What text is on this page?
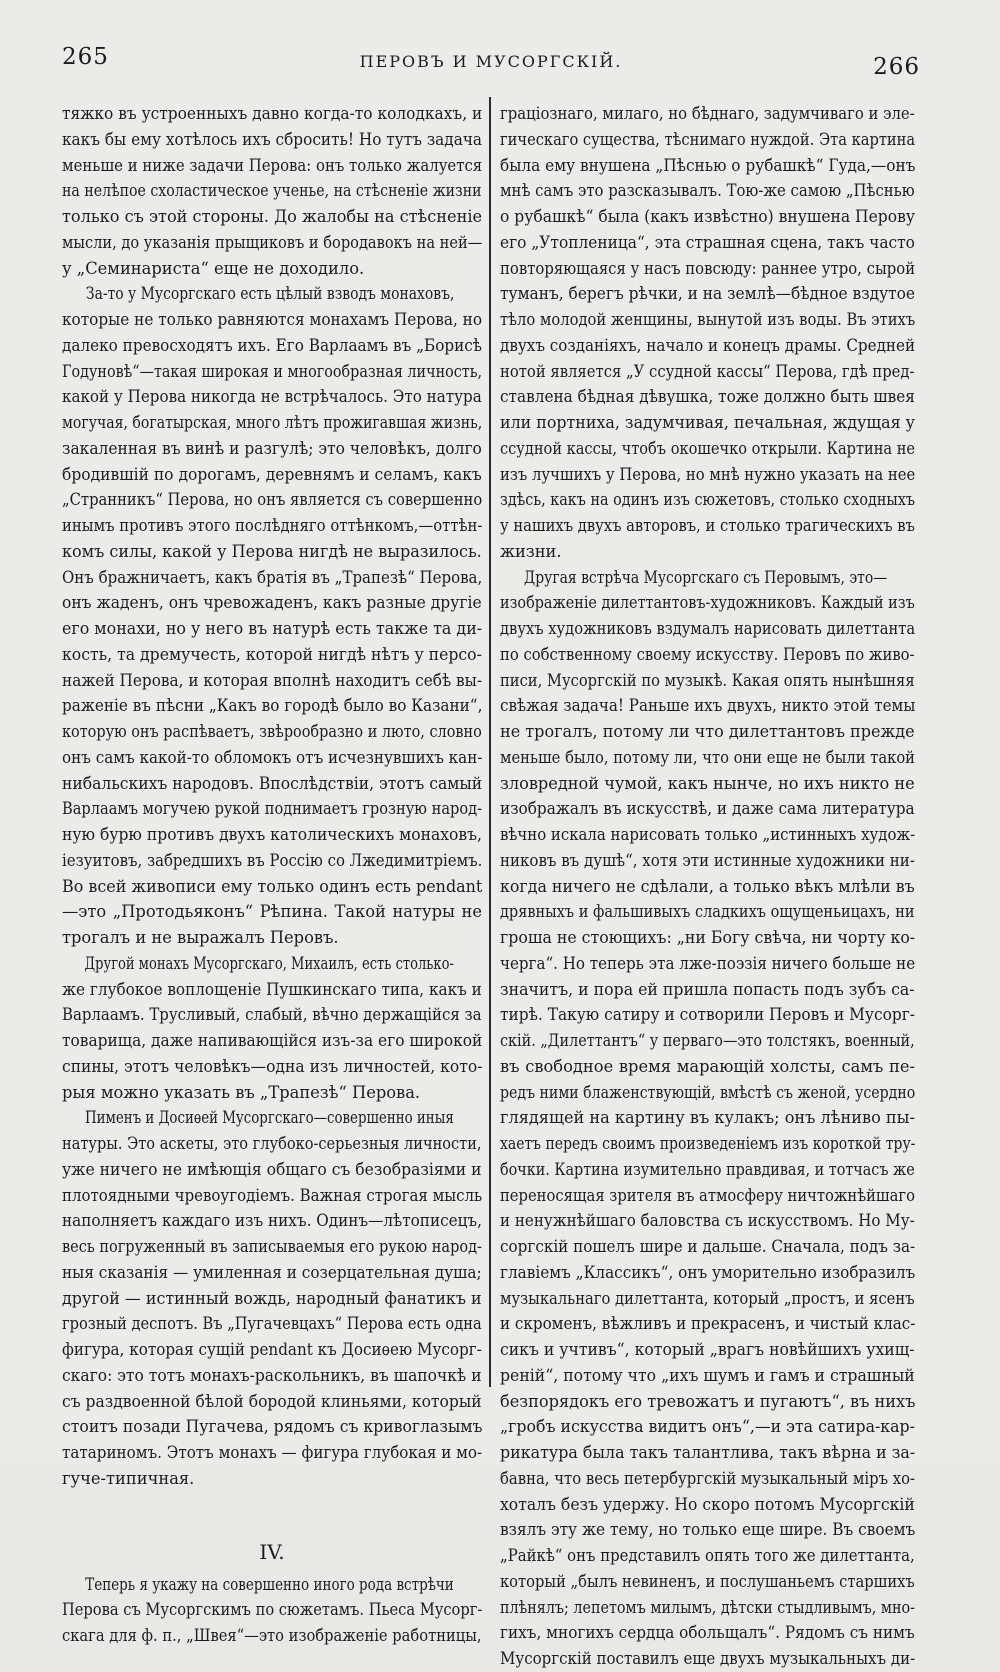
265	ПЕРОВЪ И МУСОРГСКІЙ.	266
тяжко въ устроенныхъ давно когда-то колодкахъ, и
какъ бы ему хотѣлось ихъ сбросить! Но тутъ задача
меньше и ниже задачи Перова: онъ только жалуется
на нелѣпое схоластическое ученье, на стѣсненіе жизни
только съ этой стороны. До жалобы на стѣсненіе
мысли, до указанія прыщиковъ и бородавокъ на ней—
у „Семинариста“ еще не доходило.
За-то у Мусоргскаго есть цѣлый взводъ монаховъ,
которые не только равняются монахамъ Перова, но
далеко превосходятъ ихъ. Его Варлаамъ въ „Борисѣ
Годуновѣ“—такая широкая и многообразная личность,
какой у Перова никогда не встрѣчалось. Это натура
могучая, богатырская, много лѣтъ прожигавшая жизнь,
закаленная въ винѣ и разгулѣ; это человѣкъ, долго
бродившій по дорогамъ, деревнямъ и селамъ, какъ
„Странникъ“ Перова, но онъ является съ совершенно
инымъ противъ этого послѣдняго оттѣнкомъ,—оттѣн-
комъ силы, какой у Перова нигдѣ не выразилось.
Онъ бражничаетъ, какъ братія въ „Трапезѣ“ Перова,
онъ жаденъ, онъ чревожаденъ, какъ разные другіе
его монахи, но у него въ натурѣ есть также та ди-
кость, та дремучесть, которой нигдѣ нѣтъ у персо-
нажей Перова, и которая вполнѣ находитъ себѣ вы-
раженіе въ пѣсни „Какъ во городѣ было во Казани“,
которую онъ распѣваетъ, звѣрообразно и люто, словно
онъ самъ какой-то обломокъ отъ исчезнувшихъ кан-
нибальскихъ народовъ. Впослѣдствіи, этотъ самый
Варлаамъ могучею рукой поднимаетъ грозную народ-
ную бурю противъ двухъ католическихъ монаховъ,
іезуитовъ, забредшихъ въ Россію со Лжедимитріемъ.
Во всей живописи ему только одинъ есть pendant
—это „Протодьяконъ“ Рѣпина. Такой натуры не
трогалъ и не выражалъ Перовъ.
Другой монахъ Мусоргскаго, Михаилъ, есть столько-
же глубокое воплощеніе Пушкинскаго типа, какъ и
Варлаамъ. Трусливый, слабый, вѣчно держащійся за
товарища, даже напивающійся изъ-за его широкой
спины, этотъ человѣкъ—одна изъ личностей, кото-
рыя можно указать въ „Трапезѣ“ Перова.
Пименъ и Досиѳей Мусоргскаго—совершенно иныя
натуры. Это аскеты, это глубоко-серьезныя личности,
уже ничего не имѣющія общаго съ безобразіями и
плотоядными чревоугодіемъ. Важная строгая мысль
наполняетъ каждаго изъ нихъ. Одинъ—лѣтописецъ,
весь погруженный въ записываемыя его рукою народ-
ныя сказанія — умиленная и созерцательная душа;
другой — истинный вождь, народный фанатикъ и
грозный деспотъ. Въ „Пугачевцахъ“ Перова есть одна
фигура, которая сущій pendant къ Досиѳею Мусорг-
скаго: это тотъ монахъ-раскольникъ, въ шапочкѣ и
съ раздвоенной бѣлой бородой клиньями, который
стоитъ позади Пугачева, рядомъ съ кривоглазымъ
татариномъ. Этотъ монахъ — фигура глубокая и мо-
гуче-типичная.
IV.
Теперь я укажу на совершенно иного рода встрѣчи
Перова съ Мусоргскимъ по сюжетамъ. Пьеса Мусорг-
скага для ф. п., „Швея“—это изображеніе работницы,
граціознаго, милаго, но бѣднаго, задумчиваго и эле-
гическаго существа, тѣснимаго нуждой. Эта картина
была ему внушена „Пѣснью о рубашкѣ“ Гуда,—онъ
мнѣ самъ это разсказывалъ. Тою-же самою „Пѣснью
о рубашкѣ“ была (какъ извѣстно) внушена Перову
его „Утопленица“, эта страшная сцена, такъ часто
повторяющаяся у насъ повсюду: раннее утро, сырой
туманъ, берегъ рѣчки, и на землѣ—бѣдное вздутое
тѣло молодой женщины, вынутой изъ воды. Въ этихъ
двухъ созданіяхъ, начало и конецъ драмы. Средней
нотой является „У ссудной кассы“ Перова, гдѣ пред-
ставлена бѣдная дѣвушка, тоже должно быть швея
или портниха, задумчивая, печальная, ждущая у
ссудной кассы, чтобъ окошечко открыли. Картина не
изъ лучшихъ у Перова, но мнѣ нужно указать на нее
здѣсь, какъ на одинъ изъ сюжетовъ, столько сходныхъ
у нашихъ двухъ авторовъ, и столько трагическихъ въ
жизни.
Другая встрѣча Мусоргскаго съ Перовымъ, это—
изображеніе дилеттантовъ-художниковъ. Каждый изъ
двухъ художниковъ вздумалъ нарисовать дилеттанта
по собственному своему искусству. Перовъ по живо-
писи, Мусоргскій по музыкѣ. Какая опять нынѣшняя
свѣжая задача! Раньше ихъ двухъ, никто этой темы
не трогалъ, потому ли что дилеттантовъ прежде
меньше было, потому ли, что они еще не были такой
зловредной чумой, какъ нынче, но ихъ никто не
изображалъ въ искусствѣ, и даже сама литература
вѣчно искала нарисовать только „истинныхъ худож-
никовъ въ душѣ“, хотя эти истинные художники ни-
когда ничего не сдѣлали, а только вѣкъ млѣли въ
дрявныхъ и фальшивыхъ сладкихъ ощущеньицахъ, ни
гроша не стоющихъ: „ни Богу свѣча, ни чорту ко-
черга“. Но теперь эта лже-поэзія ничего больше не
значитъ, и пора ей пришла попасть подъ зубъ са-
тирѣ. Такую сатиру и сотворили Перовъ и Мусорг-
скій. „Дилеттантъ“ у перваго—это толстякъ, военный,
въ свободное время марающій холсты, самъ пе-
редъ ними блаженствующій, вмѣстѣ съ женой, усердно
глядящей на картину въ кулакъ; онъ лѣниво пы-
хаетъ передъ своимъ произведеніемъ изъ короткой тру-
бочки. Картина изумительно правдивая, и тотчасъ же
переносящая зрителя въ атмосферу ничтожнѣйшаго
и ненужнѣйшаго баловства съ искусствомъ. Но Му-
соргскій пошелъ шире и дальше. Сначала, подъ за-
главіемъ „Классикъ“, онъ уморительно изобразилъ
музыкальнаго дилеттанта, который „простъ, и ясенъ
и скроменъ, вѣжливъ и прекрасенъ, и чистый клас-
сикъ и учтивъ“, который „врагъ новѣйшихъ ухищ-
реній“, потому что „ихъ шумъ и гамъ и страшный
безпорядокъ его тревожатъ и пугаютъ“, въ нихъ
„гробъ искусства видитъ онъ“,—и эта сатира-кар-
рикатура была такъ талантлива, такъ вѣрна и за-
бавна, что весь петербургскій музыкальный міръ хо-
хоталъ безъ удержу. Но скоро потомъ Мусоргскій
взялъ эту же тему, но только еще шире. Въ своемъ
„Райкѣ“ онъ представилъ опять того же дилеттанта,
который „былъ невиненъ, и послушаньемъ старшихъ
плѣнялъ; лепетомъ милымъ, дѣтски стыдливымъ, мно-
гихъ, многихъ сердца обольщалъ“. Рядомъ съ нимъ
Мусоргскій поставилъ еще двухъ музыкальныхъ ди-
